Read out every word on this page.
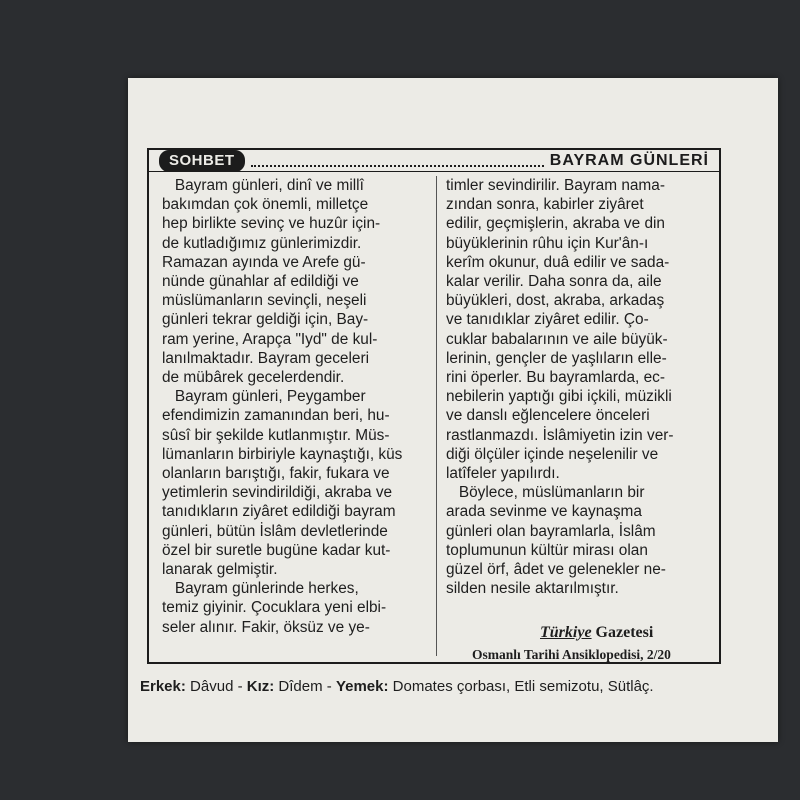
SOHBET	BAYRAM GÜNLERİ

Bayram günleri, dinî ve millî

bakımdan çok önemli, milletçe

hep birlikte sevinç ve huzûr için-

de kutladığımız günlerimizdir.

Ramazan ayında ve Arefe gü-

nünde günahlar af edildiği ve

müslümanların sevinçli, neşeli

günleri tekrar geldiği için, Bay-

ram yerine, Arapça "Iyd" de kul-

lanılmaktadır. Bayram geceleri

de mübârek gecelerdendir.

Bayram günleri, Peygamber

efendimizin zamanından beri, hu-

sûsî bir şekilde kutlanmıştır. Müs-

lümanların birbiriyle kaynaştığı, küs

olanların barıştığı, fakir, fukara ve

yetimlerin sevindirildiği, akraba ve

tanıdıkların ziyâret edildiği bayram

günleri, bütün İslâm devletlerinde

özel bir suretle bugüne kadar kut-

lanarak gelmiştir.

Bayram günlerinde herkes,

temiz giyinir. Çocuklara yeni elbi-

seler alınır. Fakir, öksüz ve ye-

timler sevindirilir. Bayram nama-

zından sonra, kabirler ziyâret

edilir, geçmişlerin, akraba ve din

büyüklerinin rûhu için Kur'ân-ı

kerîm okunur, duâ edilir ve sada-

kalar verilir. Daha sonra da, aile

büyükleri, dost, akraba, arkadaş

ve tanıdıklar ziyâret edilir. Ço-

cuklar babalarının ve aile büyük-

lerinin, gençler de yaşlıların elle-

rini öperler. Bu bayramlarda, ec-

nebilerin yaptığı gibi içkili, müzikli

ve danslı eğlencelere önceleri

rastlanmazdı. İslâmiyetin izin ver-

diği ölçüler içinde neşelenilir ve

latîfeler yapılırdı.

Böylece, müslümanların bir

arada sevinme ve kaynaşma

günleri olan bayramlarla, İslâm

toplumunun kültür mirası olan

güzel örf, âdet ve gelenekler ne-

silden nesile aktarılmıştır.

Türkiye Gazetesi
Osmanlı Tarihi Ansiklopedisi, 2/20
Erkek: Dâvud - Kız: Dîdem - Yemek: Domates çorbası, Etli semizotu, Sütlâç.
